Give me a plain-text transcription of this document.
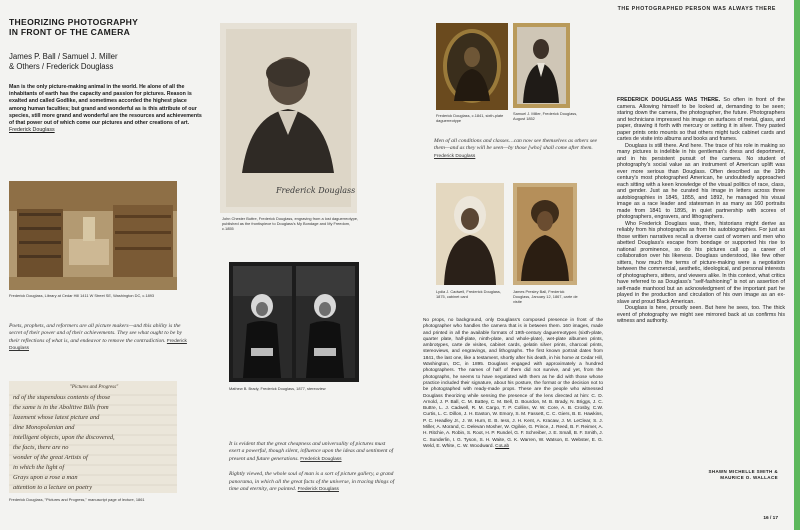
THE PHOTOGRAPHED PERSON WAS ALWAYS THERE
THEORIZING PHOTOGRAPHY
IN FRONT OF THE CAMERA
James P. Ball / Samuel J. Miller
& Others / Frederick Douglass
Man is the only picture-making animal in the world. He alone of all the inhabitants of earth has the capacity and passion for pictures. Reason is exalted and called Godlike, and sometimes accorded the highest place among human faculties; but grand and wonderful as is this attribute of our species, still more grand and wonderful are the resources and achievements of that power out of which come our pictures and other creations of art. Frederick Douglass
Frederick Douglass, Library at Cedar Hill 1411 W Street SE, Washington DC, c.1893
Poets, prophets, and reformers are all picture makers—and this ability is the secret of their power and of their achievements. They see what ought to be by their reflections of what is, and endeavor to remove the contradiction. Frederick Douglass
"Pictures and Progress"
nd of the stupendous contents of those
the same is in the Abolitive Bills from
lazement whose latest picture and
dine Monopolanian and
intelligent objects, upon the discovered,
the facts, there are no
wonder of the great Artists of
in which the light of
Grays upon a rose a man
attention to a lecture on poetry
Frederick Douglass, "Pictures and Progress," manuscript page of lecture, 1861
Frederick Douglass
John Chester Buttre, Frederick Douglass, engraving from a lost daguerreotype, published as the frontispiece to Douglass's My Bondage and My Freedom, c.1855
Mathew B. Brady, Frederick Douglass, 1877, stereoview
It is evident that the great cheapness and universality of pictures must exert a powerful, though silent, influence upon the ideas and sentiment of present and future generations. Frederick Douglass
Rightly viewed, the whole soul of man is a sort of picture gallery, a grand panorama, in which all the great facts of the universe, in tracing things of time and eternity, are painted. Frederick Douglass
Frederick Douglass, c.1841, sixth-plate daguerreotype
Samuel J. Miller, Frederick Douglass, August 1852
Men of all conditions and classes…can now see themselves as others see them—and as they will be seen—by those [who] shall come after them. Frederick Douglass
Lydia J. Cadwell, Frederick Douglass, 1875, cabinet card
James Presley Ball, Frederick Douglass, January 12, 1867, carte de visite
No props, no background, only Douglass's composed presence in front of the photographer who handles the camera that is in between them. 160 images, made and printed in all the available formats of 19th-century daguerreotypes (sixth-plate, quarter plate, half-plate, ninth-plate, and whole-plate), wet-plate albumen prints, ambrotypes, carte de visites, cabinet cards, gelatin silver prints, charcoal prints, stereoviews, and engravings, and lithographs. The first known portrait dates from 1841, the last one, like a testament, shortly after his death, in his home at Cedar Hill, Washington, DC, in 1895. Douglass engaged with approximately a hundred photographers. The names of half of them did not survive, and yet, from the photographs, he seems to have negotiated with them as he did with those whose practice included their signature, about his posture, the format or the decision not to be photographed with ready-made props. These are the people who witnessed Douglass theorizing while sensing the presence of the lens directed at him: C. D. Arnold, J. P. Ball, C. M. Battey, C. M. Bell, D. Bourdon, M. B. Brady, N. Briggs, J. C. Buttre, L. J. Cadwell, R. M. Cargo, T. P. Collins, W. W. Core, A. B. Crosby, C.W. Curtis, L. C. Dillon, J. H. Easton, W. Emory, S. M. Fassett, C. C. Giers, B. E. Hawkins, P. C. Headley Jr., J. W. Hurn, E. B. Iess, J. H. Kent, A. Kracaw, J. M. LeClear, S. J. Miller, A. Morand, C. Delevan Mosher, W. Ogilvie, G. Prince, J. Reed, B. F. Reimer, A. H. Ritchie, A. Robin, S. Root, H. P. Rundel, G. F. Schreiber, J. E. Small, B. F. Smith, J. C. Sunderlin, I. G. Tyson, S. H. Waite, G. K. Warren, W. Watson, E. Webster, E. G. Weld, E. White, C. W. Woodward. CoLab

FREDERICK DOUGLASS WAS THERE. So often in front of the camera. Allowing himself to be looked at, demanding to be seen; staring down the camera, the photographer, the future. Photographers and technicians impressed his image on surfaces of metal, glass, and paper, drawing it forth with mercury or setting it in silver. They pasted paper prints onto mounts so that others might tuck cabinet cards and cartes de visite into albums and books and frames.

Douglass is still there. And here. The trace of his role in making so many pictures is indelible in his gentleman's dress and deportment, and in his persistent pursuit of the camera. No student of photography's social value as an instrument of American uplift was ever more serious than Douglass. Often described as the 19th century's most photographed American, he undoubtedly approached each sitting with a keen knowledge of the visual politics of race, class, and gender. Just as he curated his image in letters across three autobiographies in 1845, 1855, and 1892, he managed his visual image as a race leader and statesman in as many as 160 portraits made from 1841 to 1895, in quiet partnership with scores of photographers, engravers, and lithographers.

Who Frederick Douglass was, then, historians might derive as reliably from his photographs as from his autobiographies. For just as those written narratives recall a diverse cast of women and men who abetted Douglass's escape from bondage or supported his rise to national prominence, so do his pictures call up a career of collaboration over his likeness. Douglass understood, like few other sitters, how much the terms of picture-making were a negotiation between the commercial, aesthetic, ideological, and personal interests of photographers, sitters, and viewers alike. In this context, what critics have referred to as Douglass's "self-fashioning" is not an assertion of self-made manhood but an acknowledgment of the important part he played in the production and circulation of his own image as an ex-slave and proud Black American.

Douglass is here, proudly seen. But here he sees, too. The thick event of photography we might see mirrored back at us confirms his witness and authority.

SHAWN MICHELLE SMITH &
MAURICE O. WALLACE
16 / 17
